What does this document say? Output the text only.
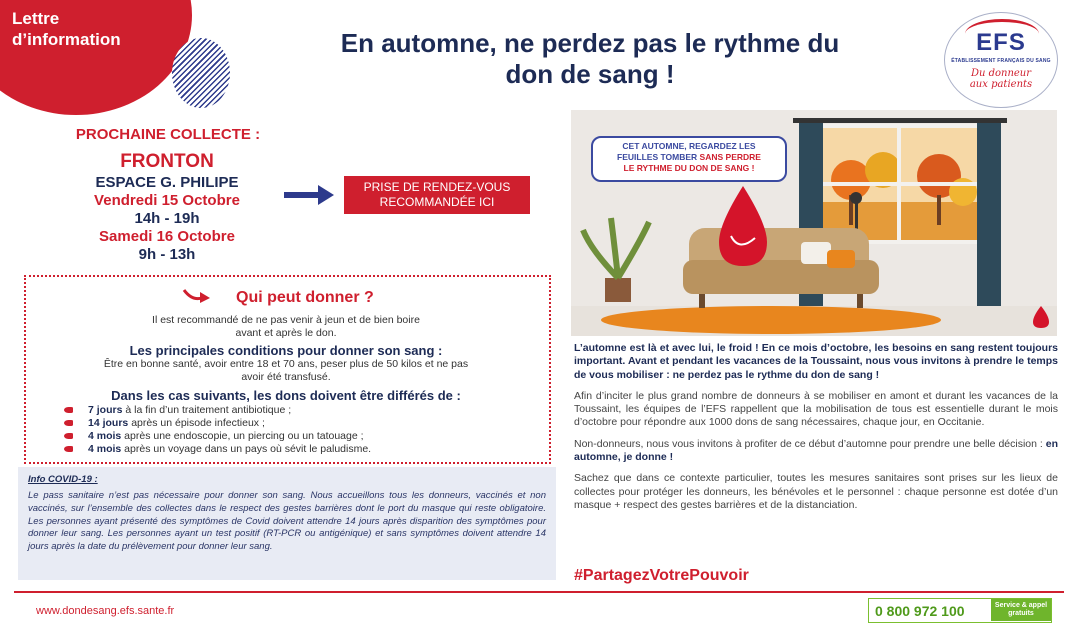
Lettre
d’information	En automne, ne perdez pas le rythme du
don de sang !
EFS
ÉTABLISSEMENT FRANÇAIS DU SANG
Du donneur
aux patients
PROCHAINE COLLECTE :
FRONTON
ESPACE G. PHILIPE
Vendredi 15 Octobre
14h - 19h
Samedi 16 Octobre
9h - 13h
PRISE DE RENDEZ-VOUS
RECOMMANDÉE ICI
Qui peut donner ?
Il est recommandé de ne pas venir à jeun et de bien boire
avant et après le don.
Les principales conditions pour donner son sang :
Être en bonne santé, avoir entre 18 et 70 ans, peser plus de 50 kilos et ne pas
avoir été transfusé.
Dans les cas suivants, les dons doivent être différés de :
7 jours à la fin d’un traitement antibiotique ;
14 jours après un épisode infectieux ;
4 mois après une endoscopie, un piercing ou un tatouage ;
4 mois après un voyage dans un pays où sévit le paludisme.
Info COVID-19 :
Le pass sanitaire n’est pas nécessaire pour donner son sang. Nous accueillons tous les donneurs, vaccinés et non vaccinés, sur l’ensemble des collectes dans le respect des gestes barrières dont le port du masque qui reste obligatoire. Les personnes ayant présenté des symptômes de Covid doivent attendre 14 jours après disparition des symptômes pour donner leur sang. Les personnes ayant un test positif (RT-PCR ou antigénique) et sans symptômes doivent attendre 14 jours après la date du prélèvement pour donner leur sang.
CET AUTOMNE, REGARDEZ LES
FEUILLES TOMBER SANS PERDRE
LE RYTHME DU DON DE SANG !
L’automne est là et avec lui, le froid ! En ce mois d’octobre, les besoins en sang restent toujours important. Avant et pendant les vacances de la Toussaint, nous vous invitons à prendre le temps de vous mobiliser : ne perdez pas le rythme du don de sang !
Afin d’inciter le plus grand nombre de donneurs à se mobiliser en amont et durant les vacances de la Toussaint, les équipes de l’EFS rappellent que la mobilisation de tous est essentielle durant le mois d’octobre pour répondre aux 1000 dons de sang nécessaires, chaque jour, en Occitanie.
Non-donneurs, nous vous invitons à profiter de ce début d’automne pour prendre une belle décision : en automne, je donne !
Sachez que dans ce contexte particulier, toutes les mesures sanitaires sont prises sur les lieux de collectes pour protéger les donneurs, les bénévoles et le personnel : chaque personne est dotée d’un masque + respect des gestes barrières et de la distanciation.
#PartagezVotrePouvoir
www.dondesang.efs.sante.fr	0 800 972 100	Service & appel
gratuits
